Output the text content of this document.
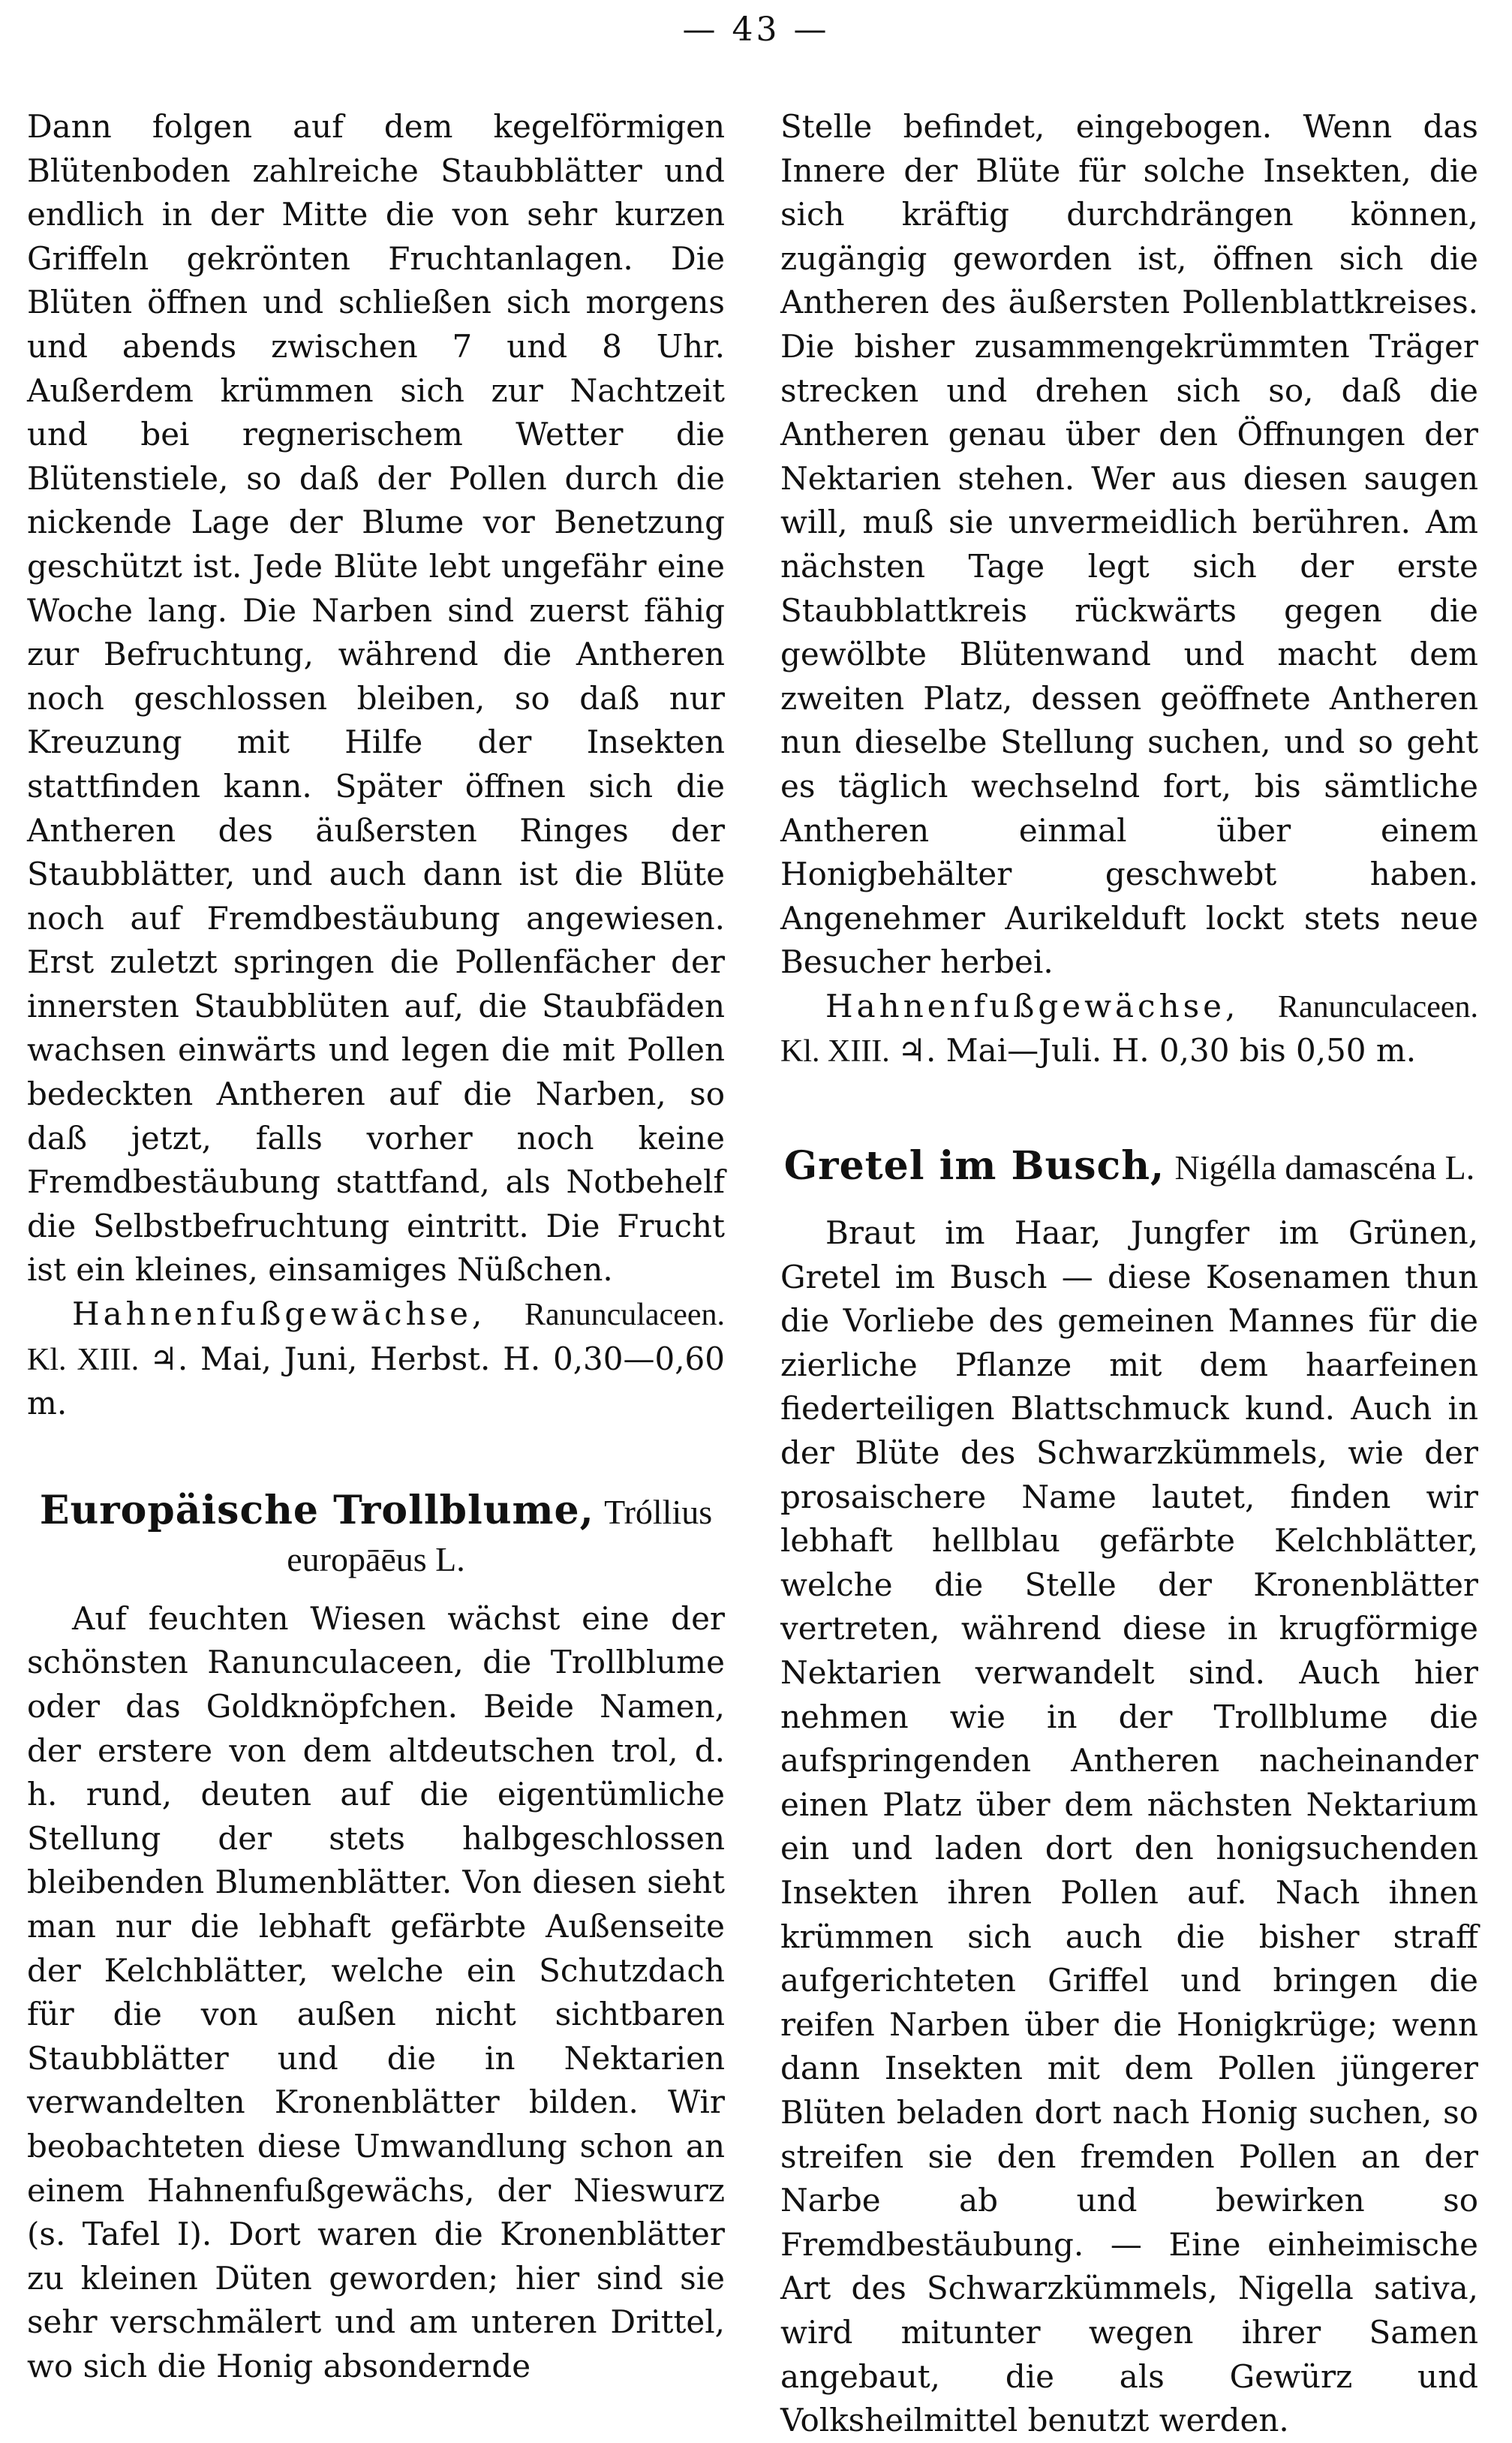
— 43 —

Dann folgen auf dem kegelförmigen Blütenboden zahlreiche Staubblätter und endlich in der Mitte die von sehr kurzen Griffeln gekrönten Fruchtanlagen. Die Blüten öffnen und schließen sich morgens und abends zwischen 7 und 8 Uhr. Außerdem krümmen sich zur Nachtzeit und bei regnerischem Wetter die Blütenstiele, so daß der Pollen durch die nickende Lage der Blume vor Benetzung geschützt ist. Jede Blüte lebt ungefähr eine Woche lang. Die Narben sind zuerst fähig zur Befruchtung, während die Antheren noch geschlossen bleiben, so daß nur Kreuzung mit Hilfe der Insekten stattfinden kann. Später öffnen sich die Antheren des äußersten Ringes der Staubblätter, und auch dann ist die Blüte noch auf Fremdbestäubung angewiesen. Erst zuletzt springen die Pollenfächer der innersten Staubblüten auf, die Staubfäden wachsen einwärts und legen die mit Pollen bedeckten Antheren auf die Narben, so daß jetzt, falls vorher noch keine Fremdbestäubung stattfand, als Notbehelf die Selbstbefruchtung eintritt. Die Frucht ist ein kleines, einsamiges Nüßchen.

Hahnenfußgewächse, Ranunculaceen. Kl. XIII. ♃. Mai, Juni, Herbst. H. 0,30—0,60 m.

Europäische Trollblume, Tróllius europāēus L.

Auf feuchten Wiesen wächst eine der schönsten Ranunculaceen, die Trollblume oder das Goldknöpfchen. Beide Namen, der erstere von dem altdeutschen trol, d. h. rund, deuten auf die eigentümliche Stellung der stets halbgeschlossen bleibenden Blumenblätter. Von diesen sieht man nur die lebhaft gefärbte Außenseite der Kelchblätter, welche ein Schutzdach für die von außen nicht sichtbaren Staubblätter und die in Nektarien verwandelten Kronenblätter bilden. Wir beobachteten diese Umwandlung schon an einem Hahnenfußgewächs, der Nieswurz (s. Tafel I). Dort waren die Kronenblätter zu kleinen Düten geworden; hier sind sie sehr verschmälert und am unteren Drittel, wo sich die Honig absondernde

Stelle befindet, eingebogen. Wenn das Innere der Blüte für solche Insekten, die sich kräftig durchdrängen können, zugängig geworden ist, öffnen sich die Antheren des äußersten Pollenblattkreises. Die bisher zusammengekrümmten Träger strecken und drehen sich so, daß die Antheren genau über den Öffnungen der Nektarien stehen. Wer aus diesen saugen will, muß sie unvermeidlich berühren. Am nächsten Tage legt sich der erste Staubblattkreis rückwärts gegen die gewölbte Blütenwand und macht dem zweiten Platz, dessen geöffnete Antheren nun dieselbe Stellung suchen, und so geht es täglich wechselnd fort, bis sämtliche Antheren einmal über einem Honigbehälter geschwebt haben. Angenehmer Aurikelduft lockt stets neue Besucher herbei.

Hahnenfußgewächse, Ranunculaceen. Kl. XIII. ♃. Mai—Juli. H. 0,30 bis 0,50 m.

Gretel im Busch, Nigélla damascéna L.

Braut im Haar, Jungfer im Grünen, Gretel im Busch — diese Kosenamen thun die Vorliebe des gemeinen Mannes für die zierliche Pflanze mit dem haarfeinen fiederteiligen Blattschmuck kund. Auch in der Blüte des Schwarzkümmels, wie der prosaischere Name lautet, finden wir lebhaft hellblau gefärbte Kelchblätter, welche die Stelle der Kronenblätter vertreten, während diese in krugförmige Nektarien verwandelt sind. Auch hier nehmen wie in der Trollblume die aufspringenden Antheren nacheinander einen Platz über dem nächsten Nektarium ein und laden dort den honigsuchenden Insekten ihren Pollen auf. Nach ihnen krümmen sich auch die bisher straff aufgerichteten Griffel und bringen die reifen Narben über die Honigkrüge; wenn dann Insekten mit dem Pollen jüngerer Blüten beladen dort nach Honig suchen, so streifen sie den fremden Pollen an der Narbe ab und bewirken so Fremdbestäubung. — Eine einheimische Art des Schwarzkümmels, Nigella sativa, wird mitunter wegen ihrer Samen angebaut, die als Gewürz und Volksheilmittel benutzt werden.
